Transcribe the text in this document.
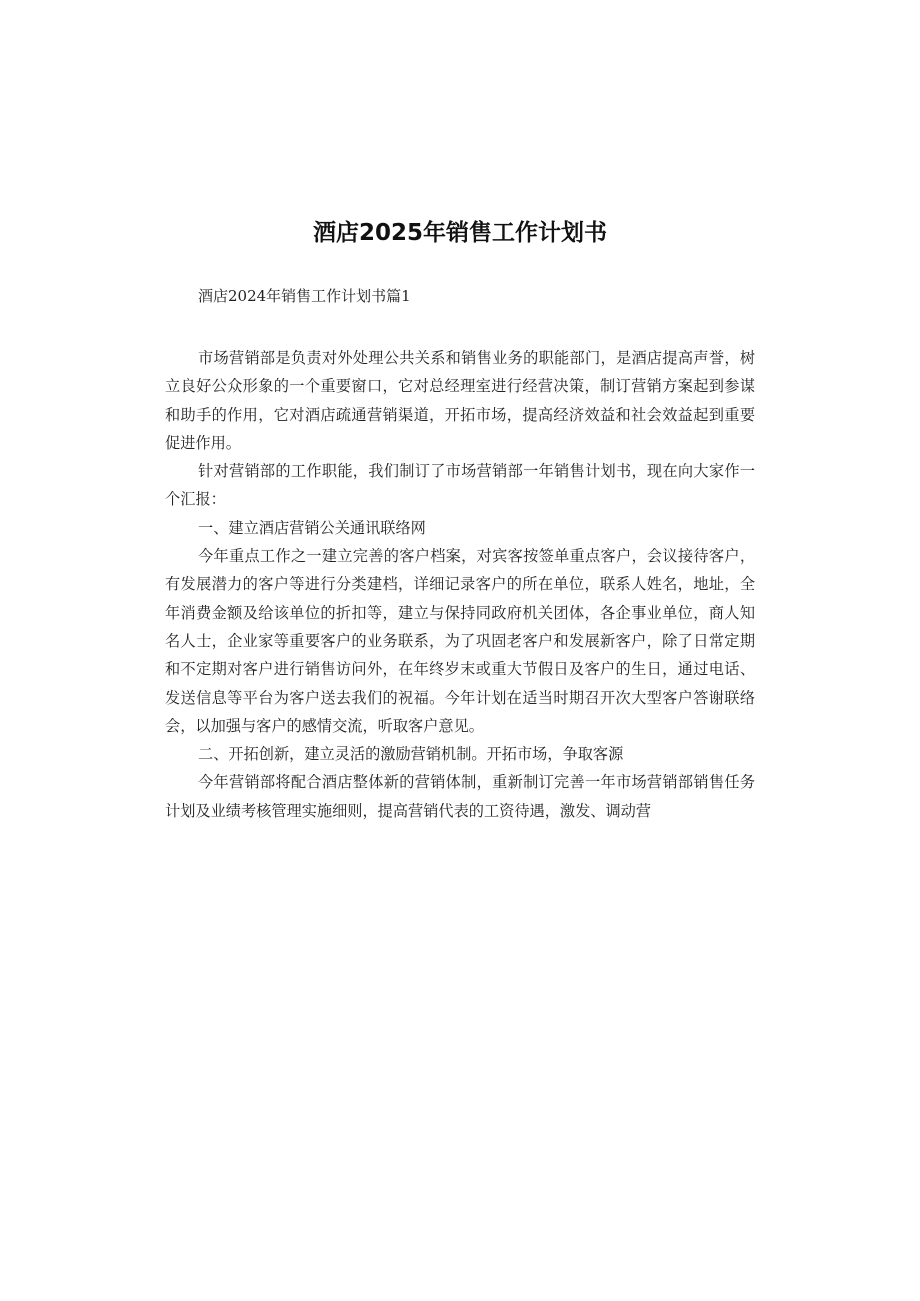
酒店2025年销售工作计划书

酒店2024年销售工作计划书篇1

市场营销部是负责对外处理公共关系和销售业务的职能部门，是酒店提高声誉，树立良好公众形象的一个重要窗口，它对总经理室进行经营决策，制订营销方案起到参谋和助手的作用，它对酒店疏通营销渠道，开拓市场，提高经济效益和社会效益起到重要促进作用。

针对营销部的工作职能，我们制订了市场营销部一年销售计划书，现在向大家作一个汇报：

一、建立酒店营销公关通讯联络网

今年重点工作之一建立完善的客户档案，对宾客按签单重点客户，会议接待客户，有发展潜力的客户等进行分类建档，详细记录客户的所在单位，联系人姓名，地址，全年消费金额及给该单位的折扣等，建立与保持同政府机关团体，各企事业单位，商人知名人士，企业家等重要客户的业务联系，为了巩固老客户和发展新客户，除了日常定期和不定期对客户进行销售访问外，在年终岁末或重大节假日及客户的生日，通过电话、发送信息等平台为客户送去我们的祝福。今年计划在适当时期召开次大型客户答谢联络会，以加强与客户的感情交流，听取客户意见。

二、开拓创新，建立灵活的激励营销机制。开拓市场，争取客源

今年营销部将配合酒店整体新的营销体制，重新制订完善一年市场营销部销售任务计划及业绩考核管理实施细则，提高营销代表的工资待遇，激发、调动营
